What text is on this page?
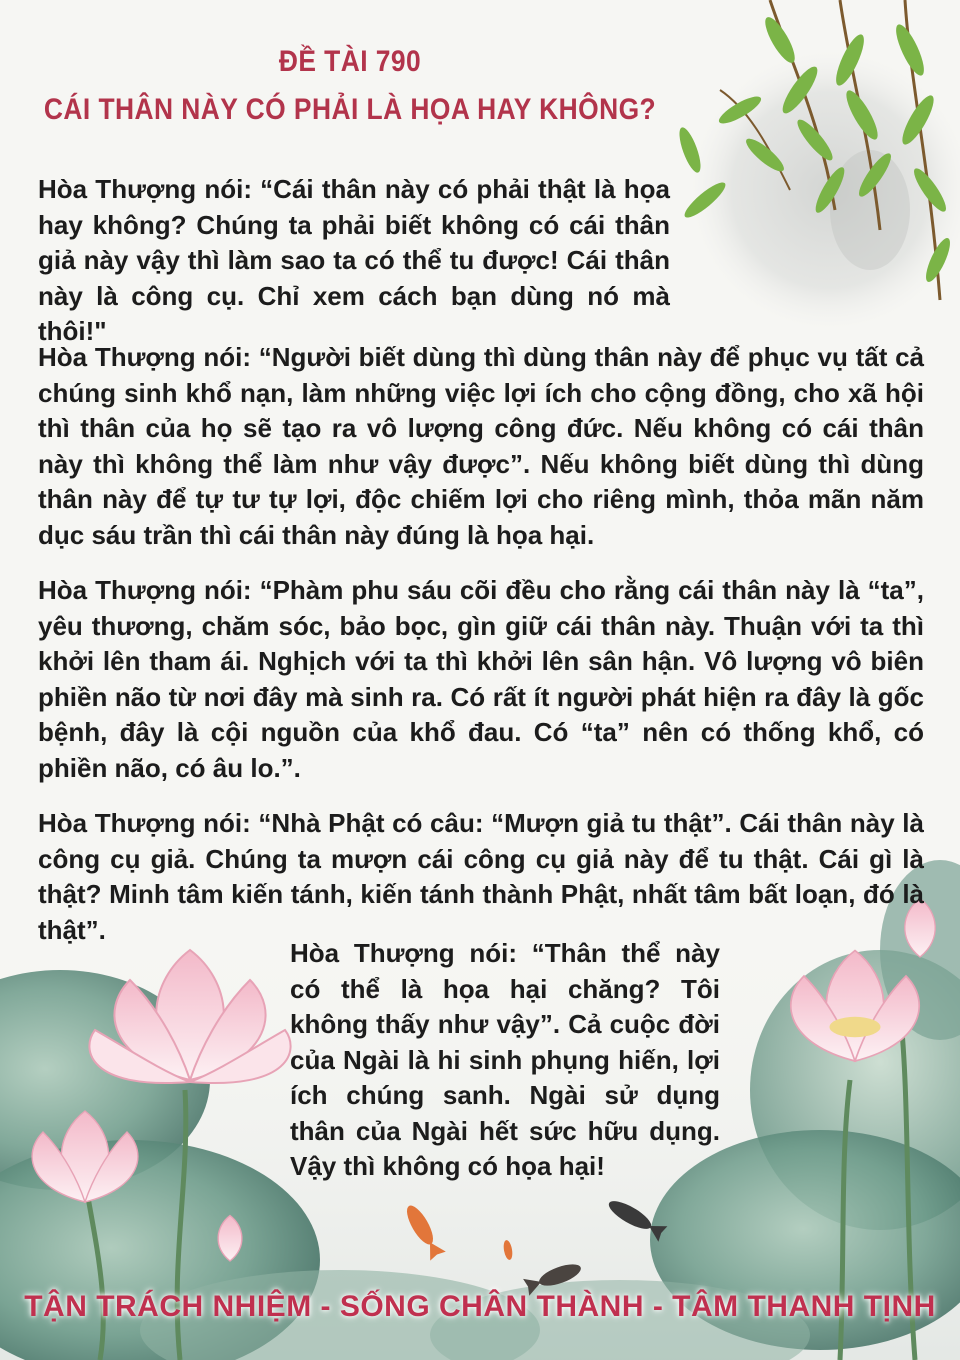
ĐỀ TÀI 790
CÁI THÂN NÀY CÓ PHẢI LÀ HỌA HAY KHÔNG?

Hòa Thượng nói: “Cái thân này có phải thật là họa hay không? Chúng ta phải biết không có cái thân giả này vậy thì làm sao ta có thể tu được! Cái thân này là công cụ. Chỉ xem cách bạn dùng nó mà thôi!"

Hòa Thượng nói: “Người biết dùng thì dùng thân này để phục vụ tất cả chúng sinh khổ nạn, làm những việc lợi ích cho cộng đồng, cho xã hội thì thân của họ sẽ tạo ra vô lượng công đức. Nếu không có cái thân này thì không thể làm như vậy được”. Nếu không biết dùng thì dùng thân này để tự tư tự lợi, độc chiếm lợi cho riêng mình, thỏa mãn năm dục sáu trần thì cái thân này đúng là họa hại.

Hòa Thượng nói: “Phàm phu sáu cõi đều cho rằng cái thân này là “ta”, yêu thương, chăm sóc, bảo bọc, gìn giữ cái thân này. Thuận với ta thì khởi lên tham ái. Nghịch với ta thì khởi lên sân hận. Vô lượng vô biên phiền não từ nơi đây mà sinh ra. Có rất ít người phát hiện ra đây là gốc bệnh, đây là cội nguồn của khổ đau. Có “ta” nên có thống khổ, có phiền não, có âu lo.”.

Hòa Thượng nói: “Nhà Phật có câu: “Mượn giả tu thật”. Cái thân này là công cụ giả. Chúng ta mượn cái công cụ giả này để tu thật. Cái gì là thật? Minh tâm kiến tánh, kiến tánh thành Phật, nhất tâm bất loạn, đó là thật”.

Hòa Thượng nói: “Thân thể này có thể là họa hại chăng? Tôi không thấy như vậy”. Cả cuộc đời của Ngài là hi sinh phụng hiến, lợi ích chúng sanh. Ngài sử dụng thân của Ngài hết sức hữu dụng. Vậy thì không có họa hại!

TẬN TRÁCH NHIỆM - SỐNG CHÂN THÀNH - TÂM THANH TỊNH
